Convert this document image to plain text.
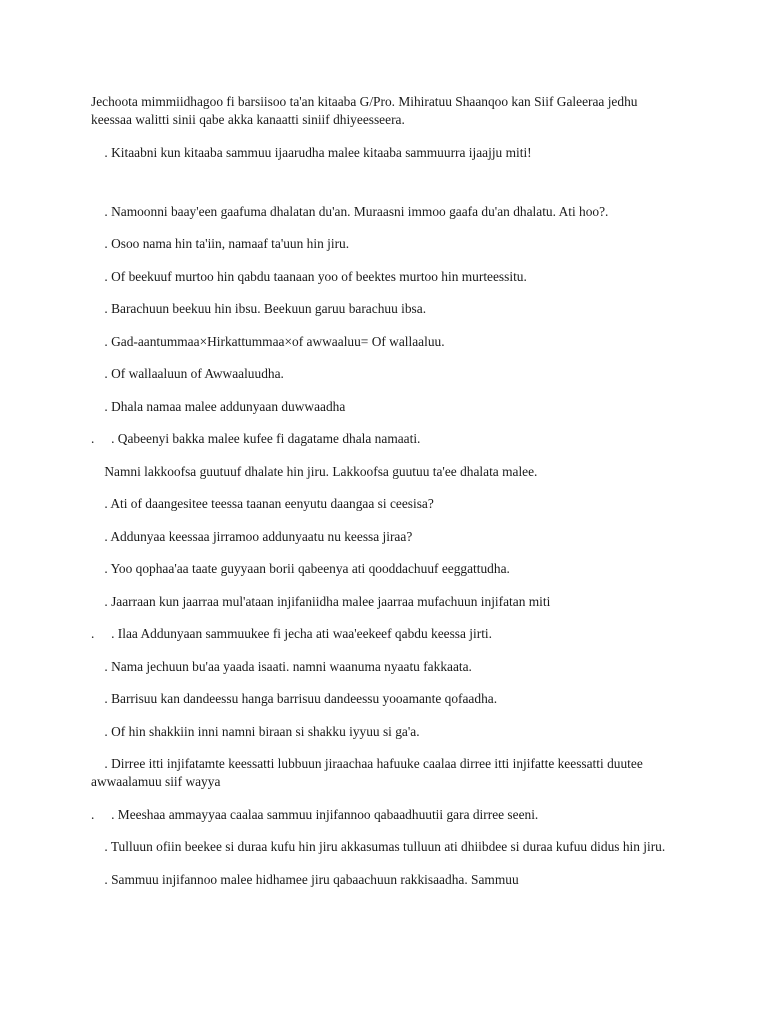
Jechoota mimmiidhagoo fi barsiisoo ta'an kitaaba G/Pro. Mihiratuu Shaanqoo kan Siif Galeeraa jedhu keessaa walitti sinii qabe akka kanaatti siniif dhiyeesseera.

. Kitaabni kun kitaaba sammuu ijaarudha malee kitaaba sammuurra ijaajju miti!

. Namoonni baay'een gaafuma dhalatan du'an. Muraasni immoo gaafa du'an dhalatu. Ati hoo?.

. Osoo nama hin ta'iin, namaaf ta'uun hin jiru.

. Of beekuuf murtoo hin qabdu taanaan yoo of beektes murtoo hin murteessitu.

. Barachuun beekuu hin ibsu. Beekuun garuu barachuu ibsa.

. Gad-aantummaa×Hirkattummaa×of awwaaluu= Of wallaaluu.

. Of wallaaluun of Awwaaluudha.

. Dhala namaa malee addunyaan duwwaadha

.     . Qabeenyi bakka malee kufee fi dagatame dhala namaati.

Namni lakkoofsa guutuuf dhalate hin jiru. Lakkoofsa guutuu ta'ee dhalata malee.

. Ati of daangesitee teessa taanan eenyutu daangaa si ceesisa?

. Addunyaa keessaa jirramoo addunyaatu nu keessa jiraa?

. Yoo qophaa'aa taate guyyaan borii qabeenya ati qooddachuuf eeggattudha.

. Jaarraan kun jaarraa mul'ataan injifaniidha malee jaarraa mufachuun injifatan miti

.     . Ilaa Addunyaan sammuukee fi jecha ati waa'eekeef qabdu keessa jirti.

. Nama jechuun bu'aa yaada isaati. namni waanuma nyaatu fakkaata.

. Barrisuu kan dandeessu hanga barrisuu dandeessu yooamante qofaadha.

. Of hin shakkiin inni namni biraan si shakku iyyuu si ga'a.

. Dirree itti injifatamte keessatti lubbuun jiraachaa hafuuke caalaa dirree itti injifatte keessatti duutee awwaalamuu siif wayya

.     . Meeshaa ammayyaa caalaa sammuu injifannoo qabaadhuutii gara dirree seeni.

. Tulluun ofiin beekee si duraa kufu hin jiru akkasumas tulluun ati dhiibdee si duraa kufuu didus hin jiru.

. Sammuu injifannoo malee hidhamee jiru qabaachuun rakkisaadha. Sammuu
